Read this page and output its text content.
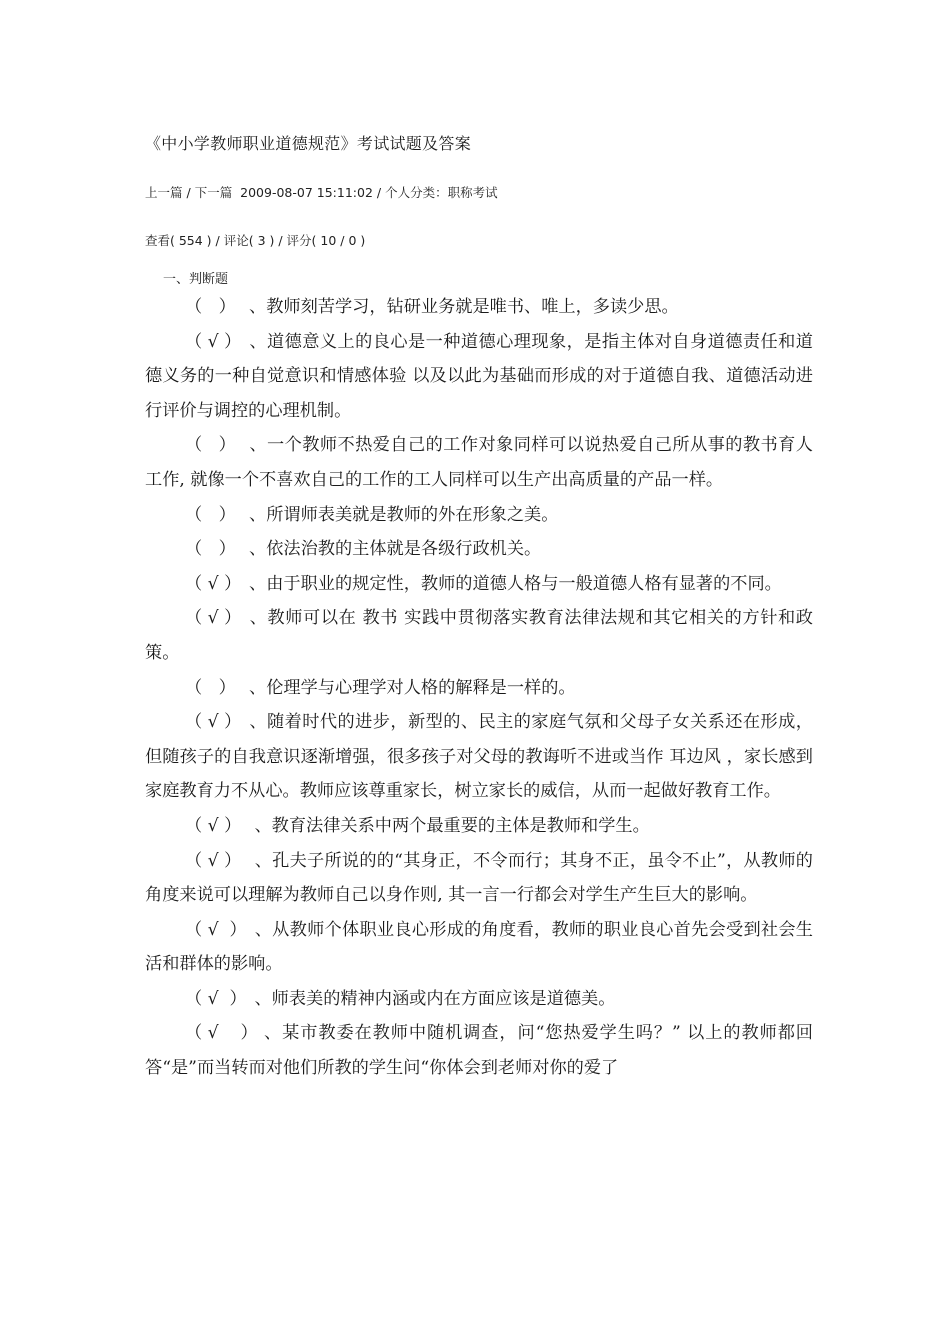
《中小学教师职业道德规范》考试试题及答案
上一篇 / 下一篇  2009-08-07 15:11:02 / 个人分类：职称考试
查看( 554 ) / 评论( 3 ) / 评分( 10 / 0 )
一、判断题

（   ） 、教师刻苦学习，钻研业务就是唯书、唯上，多读少思。

（ √ ） 、道德意义上的良心是一种道德心理现象，是指主体对自身道德责任和道德义务的一种自觉意识和情感体验 以及以此为基础而形成的对于道德自我、道德活动进行评价与调控的心理机制。

（   ） 、一个教师不热爱自己的工作对象同样可以说热爱自己所从事的教书育人工作, 就像一个不喜欢自己的工作的工人同样可以生产出高质量的产品一样。

（   ） 、所谓师表美就是教师的外在形象之美。

（   ） 、依法治教的主体就是各级行政机关。

（ √ ） 、由于职业的规定性，教师的道德人格与一般道德人格有显著的不同。

（ √ ） 、教师可以在 教书 实践中贯彻落实教育法律法规和其它相关的方针和政策。

（   ） 、伦理学与心理学对人格的解释是一样的。

（ √ ） 、随着时代的进步，新型的、民主的家庭气氛和父母子女关系还在形成，但随孩子的自我意识逐渐增强，很多孩子对父母的教诲听不进或当作 耳边风 ，家长感到家庭教育力不从心。教师应该尊重家长，树立家长的威信，从而一起做好教育工作。

（ √ ） 、教育法律关系中两个最重要的主体是教师和学生。

（ √ ） 、孔夫子所说的的“其身正，不令而行；其身不正，虽令不止”，从教师的角度来说可以理解为教师自己以身作则, 其一言一行都会对学生产生巨大的影响。

（ √  ） 、从教师个体职业良心形成的角度看，教师的职业良心首先会受到社会生活和群体的影响。

（ √  ） 、师表美的精神内涵或内在方面应该是道德美。

（ √    ） 、某市教委在教师中随机调查，问“您热爱学生吗？” 以上的教师都回答“是”而当转而对他们所教的学生问“你体会到老师对你的爱了
